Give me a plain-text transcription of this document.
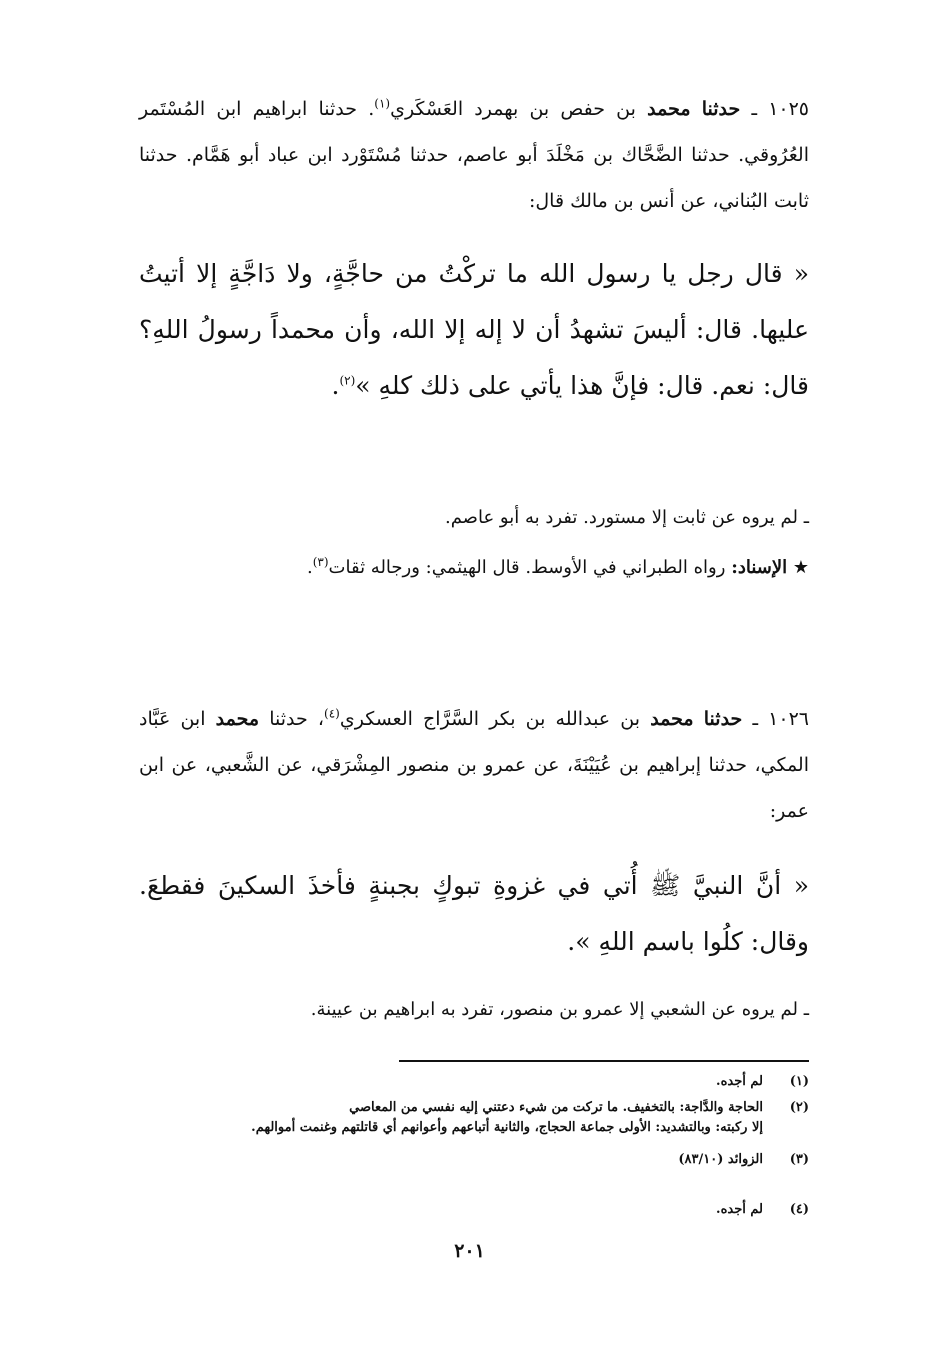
١٠٢٥ ـ حدثنا محمد بن حفص بن بهمرد العَسْكَري$^{(١)}$. حدثنا ابراهيم ابن المُسْتَمر العُرُوقي. حدثنا الضَّحَّاك بن مَخْلَدَ أبو عاصم، حدثنا مُسْتَوْرد ابن عباد أبو هَمَّام. حدثنا ثابت البُناني، عن أنس بن مالك قال:
« قال رجل يا رسول الله ما تركْتُ من حاجَّةٍ، ولا دَاجَّةٍ إلا أتيتُ عليها. قال: أليسَ تشهدُ أن لا إله إلا الله، وأن محمداً رسولُ اللهِ؟ قال: نعم. قال: فإنَّ هذا يأتي على ذلك كلهِ »$^{(٢)}$.
ـ لم يروه عن ثابت إلا مستورد. تفرد به أبو عاصم.
★ الإسناد: رواه الطبراني في الأوسط. قال الهيثمي: ورجاله ثقات$^{(٣)}$.
١٠٢٦ ـ حدثنا محمد بن عبدالله بن بكر السَّرَّاج العسكري$^{(٤)}$، حدثنا محمد ابن عَبَّاد المكي، حدثنا إبراهيم بن عُيَيْنَةَ، عن عمرو بن منصور المِشْرَقي، عن الشَّعبي، عن ابن عمر:
« أنَّ النبيَّ ﷺ أُتي في غزوةِ تبوكٍ بجبنةٍ فأخذَ السكينَ فقطعَ. وقال: كلُوا باسم اللهِ ».
ـ لم يروه عن الشعبي إلا عمرو بن منصور، تفرد به ابراهيم بن عيينة.
(١)لم أجده.
(٢)الحاجة والدَّاجة: بالتخفيف. ما تركت من شيء دعتني إليه نفسي من المعاصي
إلا ركبته: وبالتشديد: الأولى جماعة الحجاج، والثانية أتباعهم وأعوانهم أي قاتلتهم وغنمت أموالهم.
(٣)الزوائد (٨٣/١٠)
(٤)لم أجده.
٢٠١
